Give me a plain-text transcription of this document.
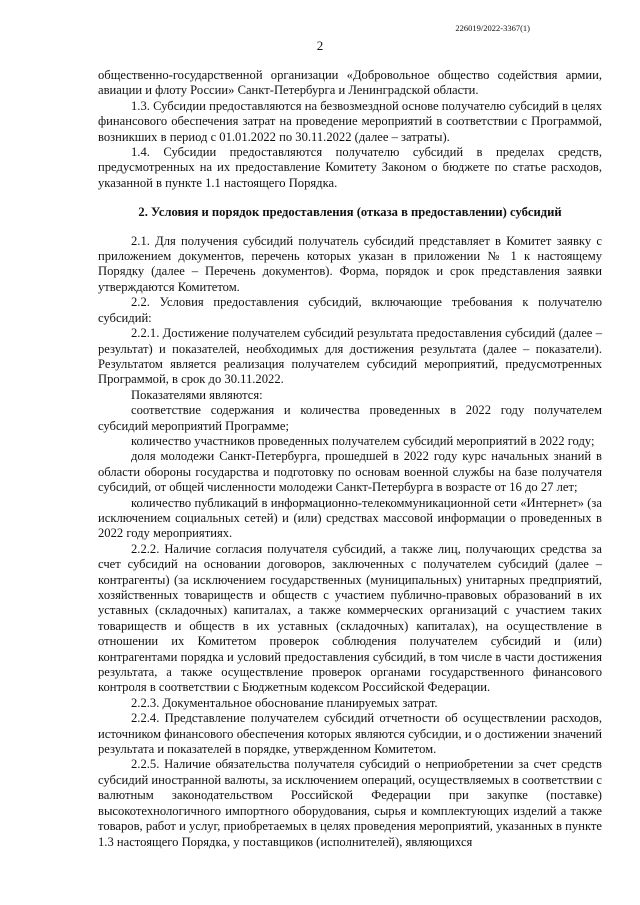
226019/2022-3367(1)
2

общественно-государственной организации «Добровольное общество содействия армии, авиации и флоту России» Санкт-Петербурга и Ленинградской области.

1.3. Субсидии предоставляются на безвозмездной основе получателю субсидий в целях финансового обеспечения затрат на проведение мероприятий в соответствии с Программой, возникших в период с 01.01.2022 по 30.11.2022 (далее – затраты).

1.4. Субсидии предоставляются получателю субсидий в пределах средств, предусмотренных на их предоставление Комитету Законом о бюджете по статье расходов, указанной в пункте 1.1 настоящего Порядка.

2. Условия и порядок предоставления (отказа в предоставлении) субсидий

2.1. Для получения субсидий получатель субсидий представляет в Комитет заявку с приложением документов, перечень которых указан в приложении № 1 к настоящему Порядку (далее – Перечень документов). Форма, порядок и срок представления заявки утверждаются Комитетом.

2.2. Условия предоставления субсидий, включающие требования к получателю субсидий:

2.2.1. Достижение получателем субсидий результата предоставления субсидий (далее – результат) и показателей, необходимых для достижения результата (далее – показатели). Результатом является реализация получателем субсидий мероприятий, предусмотренных Программой, в срок до 30.11.2022.

Показателями являются:

соответствие содержания и количества проведенных в 2022 году получателем субсидий мероприятий Программе;

количество участников проведенных получателем субсидий мероприятий в 2022 году;

доля молодежи Санкт-Петербурга, прошедшей в 2022 году курс начальных знаний в области обороны государства и подготовку по основам военной службы на базе получателя субсидий, от общей численности молодежи Санкт-Петербурга в возрасте от 16 до 27 лет;

количество публикаций в информационно-телекоммуникационной сети «Интернет» (за исключением социальных сетей) и (или) средствах массовой информации о проведенных в 2022 году мероприятиях.

2.2.2. Наличие согласия получателя субсидий, а также лиц, получающих средства за счет субсидий на основании договоров, заключенных с получателем субсидий (далее – контрагенты) (за исключением государственных (муниципальных) унитарных предприятий, хозяйственных товариществ и обществ с участием публично-правовых образований в их уставных (складочных) капиталах, а также коммерческих организаций с участием таких товариществ и обществ в их уставных (складочных) капиталах), на осуществление в отношении их Комитетом проверок соблюдения получателем субсидий и (или) контрагентами порядка и условий предоставления субсидий, в том числе в части достижения результата, а также осуществление проверок органами государственного финансового контроля в соответствии с Бюджетным кодексом Российской Федерации.

2.2.3. Документальное обоснование планируемых затрат.

2.2.4. Представление получателем субсидий отчетности об осуществлении расходов, источником финансового обеспечения которых являются субсидии, и о достижении значений результата и показателей в порядке, утвержденном Комитетом.

2.2.5. Наличие обязательства получателя субсидий о неприобретении за счет средств субсидий иностранной валюты, за исключением операций, осуществляемых в соответствии с валютным законодательством Российской Федерации при закупке (поставке) высокотехнологичного импортного оборудования, сырья и комплектующих изделий а также товаров, работ и услуг, приобретаемых в целях проведения мероприятий, указанных в пункте 1.3 настоящего Порядка, у поставщиков (исполнителей), являющихся
